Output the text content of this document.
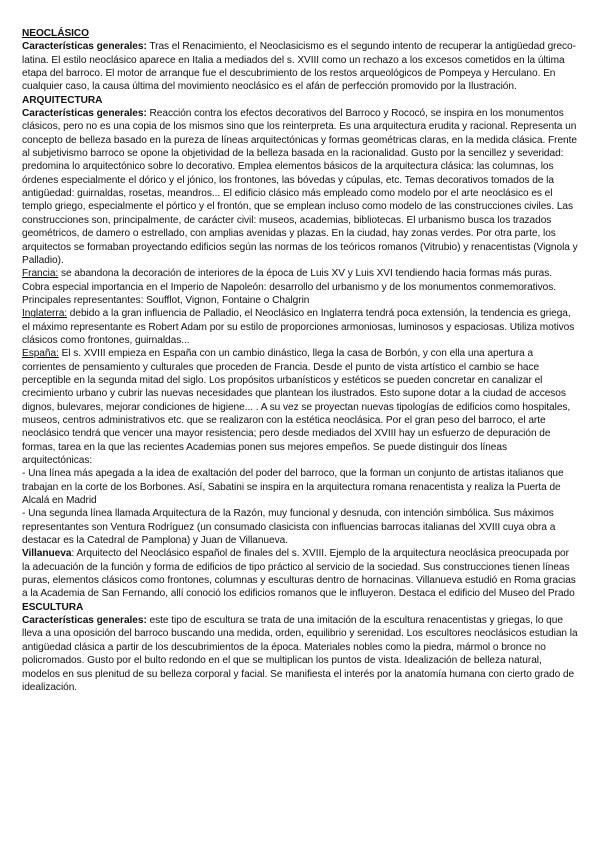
NEOCLÁSICO

Características generales: Tras el Renacimiento, el Neoclasicismo es el segundo intento de recuperar la antigüedad greco-latina. El estilo neoclásico aparece en Italia a mediados del s. XVIII como un rechazo a los excesos cometidos en la última etapa del barroco. El motor de arranque fue el descubrimiento de los restos arqueológicos de Pompeya y Herculano. En cualquier caso, la causa última del movimiento neoclásico es el afán de perfección promovido por la Ilustración.

ARQUITECTURA

Características generales: Reacción contra los efectos decorativos del Barroco y Rococó, se inspira en los monumentos clásicos, pero no es una copia de los mismos sino que los reinterpreta. Es una arquitectura erudita y racional. Representa un concepto de belleza basado en la pureza de líneas arquitectónicas y formas geométricas claras, en la medida clásica. Frente al subjetivismo barroco se opone la objetividad de la belleza basada en la racionalidad. Gusto por la sencillez y severidad: predomina lo arquitectónico sobre lo decorativo. Emplea elementos básicos de la arquitectura clásica: las columnas, los órdenes especialmente el dórico y el jónico, los frontones, las bóvedas y cúpulas, etc. Temas decorativos tomados de la antigüedad: guirnaldas, rosetas, meandros... El edificio clásico más empleado como modelo por el arte neoclásico es el templo griego, especialmente el pórtico y el frontón, que se emplean incluso como modelo de las construcciones civiles. Las construcciones son, principalmente, de carácter civil: museos, academias, bibliotecas. El urbanismo busca los trazados geométricos, de damero o estrellado, con amplias avenidas y plazas. En la ciudad, hay zonas verdes. Por otra parte, los arquitectos se formaban proyectando edificios según las normas de los teóricos romanos (Vitrubio) y renacentistas (Vignola y Palladio).

Francia: se abandona la decoración de interiores de la época de Luis XV y Luis XVI tendiendo hacia formas más puras. Cobra especial importancia en el Imperio de Napoleón: desarrollo del urbanismo y de los monumentos conmemorativos. Principales representantes: Soufflot, Vignon, Fontaine o Chalgrin

Inglaterra: debido a la gran influencia de Palladio, el Neoclásico en Inglaterra tendrá poca extensión, la tendencia es griega, el máximo representante es Robert Adam por su estilo de proporciones armoniosas, luminosos y espaciosas. Utiliza motivos clásicos como frontones, guirnaldas...

España: El s. XVIII empieza en España con un cambio dinástico, llega la casa de Borbón, y con ella una apertura a corrientes de pensamiento y culturales que proceden de Francia. Desde el punto de vista artístico el cambio se hace perceptible en la segunda mitad del siglo. Los propósitos urbanísticos y estéticos se pueden concretar en canalizar el crecimiento urbano y cubrir las nuevas necesidades que plantean los ilustrados. Esto supone dotar a la ciudad de accesos dignos, bulevares, mejorar condiciones de higiene... . A su vez se proyectan nuevas tipologías de edificios como hospitales, museos, centros administrativos etc. que se realizaron con la estética neoclásica. Por el gran peso del barroco, el arte neoclásico tendrá que vencer una mayor resistencia; pero desde mediados del XVIII hay un esfuerzo de depuración de formas, tarea en la que las recientes Academias ponen sus mejores empeños. Se puede distinguir dos líneas arquitectónicas:

- Una línea más apegada a la idea de exaltación del poder del barroco, que la forman un conjunto de artistas italianos que trabajan en la corte de los Borbones. Así, Sabatini se inspira en la arquitectura romana renacentista y realiza la Puerta de Alcalá en Madrid

- Una segunda línea llamada Arquitectura de la Razón, muy funcional y desnuda, con intención simbólica. Sus máximos representantes son Ventura Rodríguez (un consumado clasicista con influencias barrocas italianas del XVIII cuya obra a destacar es la Catedral de Pamplona) y Juan de Villanueva.

Villanueva: Arquitecto del Neoclásico español de finales del s. XVIII. Ejemplo de la arquitectura neoclásica preocupada por la adecuación de la función y forma de edificios de tipo práctico al servicio de la sociedad. Sus construcciones tienen líneas puras, elementos clásicos como frontones, columnas y esculturas dentro de hornacinas. Villanueva estudió en Roma gracias a la Academia de San Fernando, allí conoció los edificios romanos que le influyeron. Destaca el edificio del Museo del Prado

ESCULTURA

Características generales: este tipo de escultura se trata de una imitación de la escultura renacentistas y griegas, lo que lleva a una oposición del barroco buscando una medida, orden, equilibrio y serenidad. Los escultores neoclásicos estudian la antigüedad clásica a partir de los descubrimientos de la época. Materiales nobles como la piedra, mármol o bronce no policromados. Gusto por el bulto redondo en el que se multiplican los puntos de vista. Idealización de belleza natural, modelos en sus plenitud de su belleza corporal y facial. Se manifiesta el interés por la anatomía humana con cierto grado de idealización.
